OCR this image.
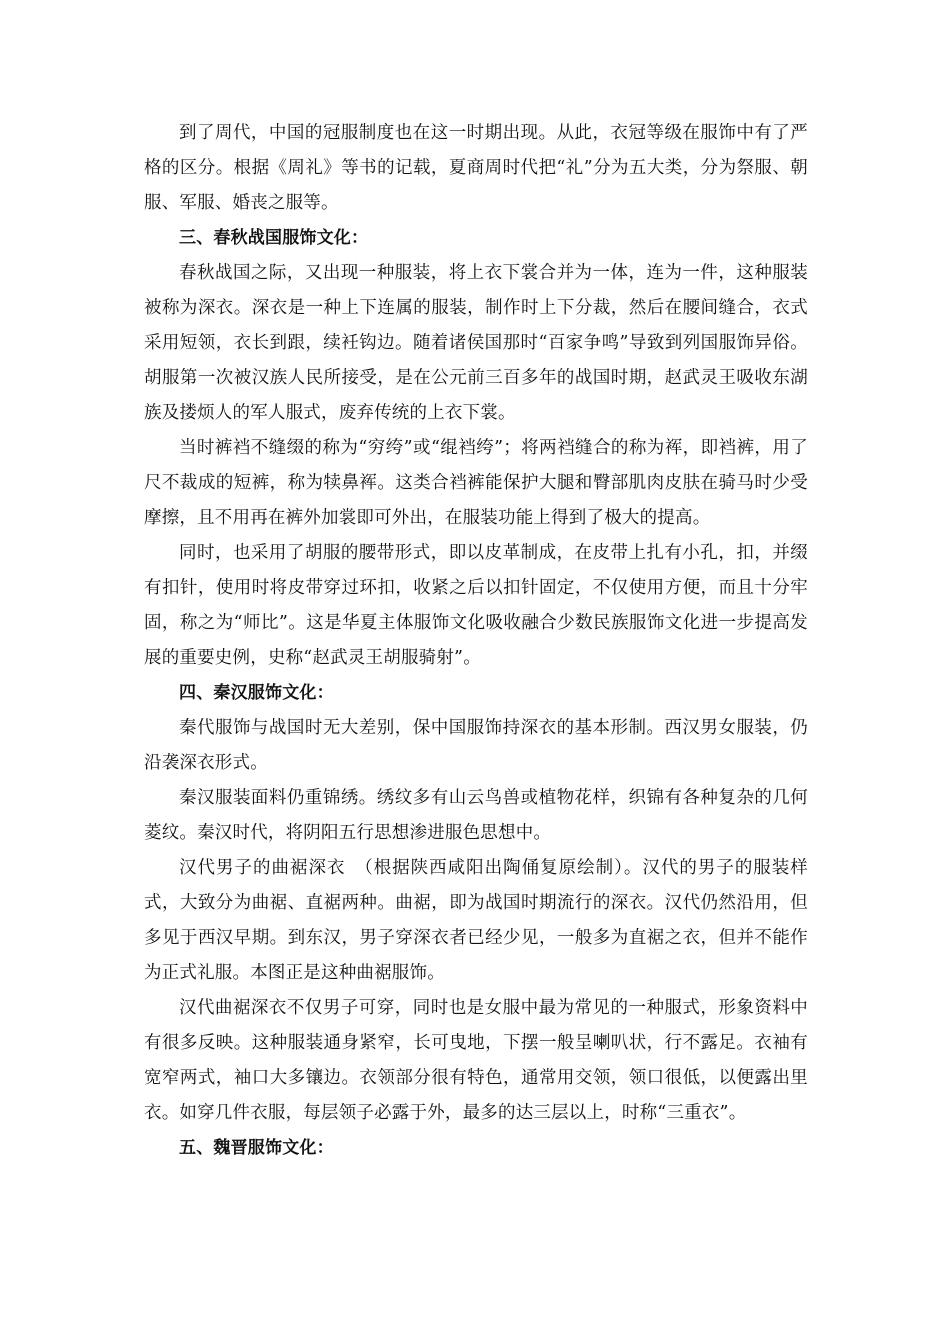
到了周代，中国的冠服制度也在这一时期出现。从此，衣冠等级在服饰中有了严格的区分。根据《周礼》等书的记载，夏商周时代把“礼”分为五大类，分为祭服、朝服、军服、婚丧之服等。

三、春秋战国服饰文化：

春秋战国之际，又出现一种服装，将上衣下裳合并为一体，连为一件，这种服装被称为深衣。深衣是一种上下连属的服装，制作时上下分裁，然后在腰间缝合，衣式采用短领，衣长到跟，续衽钩边。随着诸侯国那时“百家争鸣”导致到列国服饰异俗。胡服第一次被汉族人民所接受，是在公元前三百多年的战国时期，赵武灵王吸收东湖族及搂烦人的军人服式，废弃传统的上衣下裳。

当时裤裆不缝缀的称为“穷绔”或“绲裆绔”；将两裆缝合的称为裈，即裆裤，用了尺不裁成的短裤，称为犊鼻裈。这类合裆裤能保护大腿和臀部肌肉皮肤在骑马时少受摩擦，且不用再在裤外加裳即可外出，在服装功能上得到了极大的提高。

同时，也采用了胡服的腰带形式，即以皮革制成，在皮带上扎有小孔，扣，并缀有扣针，使用时将皮带穿过环扣，收紧之后以扣针固定，不仅使用方便，而且十分牢固，称之为“师比”。这是华夏主体服饰文化吸收融合少数民族服饰文化进一步提高发展的重要史例，史称“赵武灵王胡服骑射”。

四、秦汉服饰文化：

秦代服饰与战国时无大差别，保中国服饰持深衣的基本形制。西汉男女服装，仍沿袭深衣形式。

秦汉服装面料仍重锦绣。绣纹多有山云鸟兽或植物花样，织锦有各种复杂的几何菱纹。秦汉时代，将阴阳五行思想渗进服色思想中。

汉代男子的曲裾深衣　（根据陕西咸阳出陶俑复原绘制）。汉代的男子的服装样式，大致分为曲裾、直裾两种。曲裾，即为战国时期流行的深衣。汉代仍然沿用，但多见于西汉早期。到东汉，男子穿深衣者已经少见，一般多为直裾之衣，但并不能作为正式礼服。本图正是这种曲裾服饰。

汉代曲裾深衣不仅男子可穿，同时也是女服中最为常见的一种服式，形象资料中有很多反映。这种服装通身紧窄，长可曳地，下摆一般呈喇叭状，行不露足。衣袖有宽窄两式，袖口大多镶边。衣领部分很有特色，通常用交领，领口很低，以便露出里衣。如穿几件衣服，每层领子必露于外，最多的达三层以上，时称“三重衣”。

五、魏晋服饰文化：
